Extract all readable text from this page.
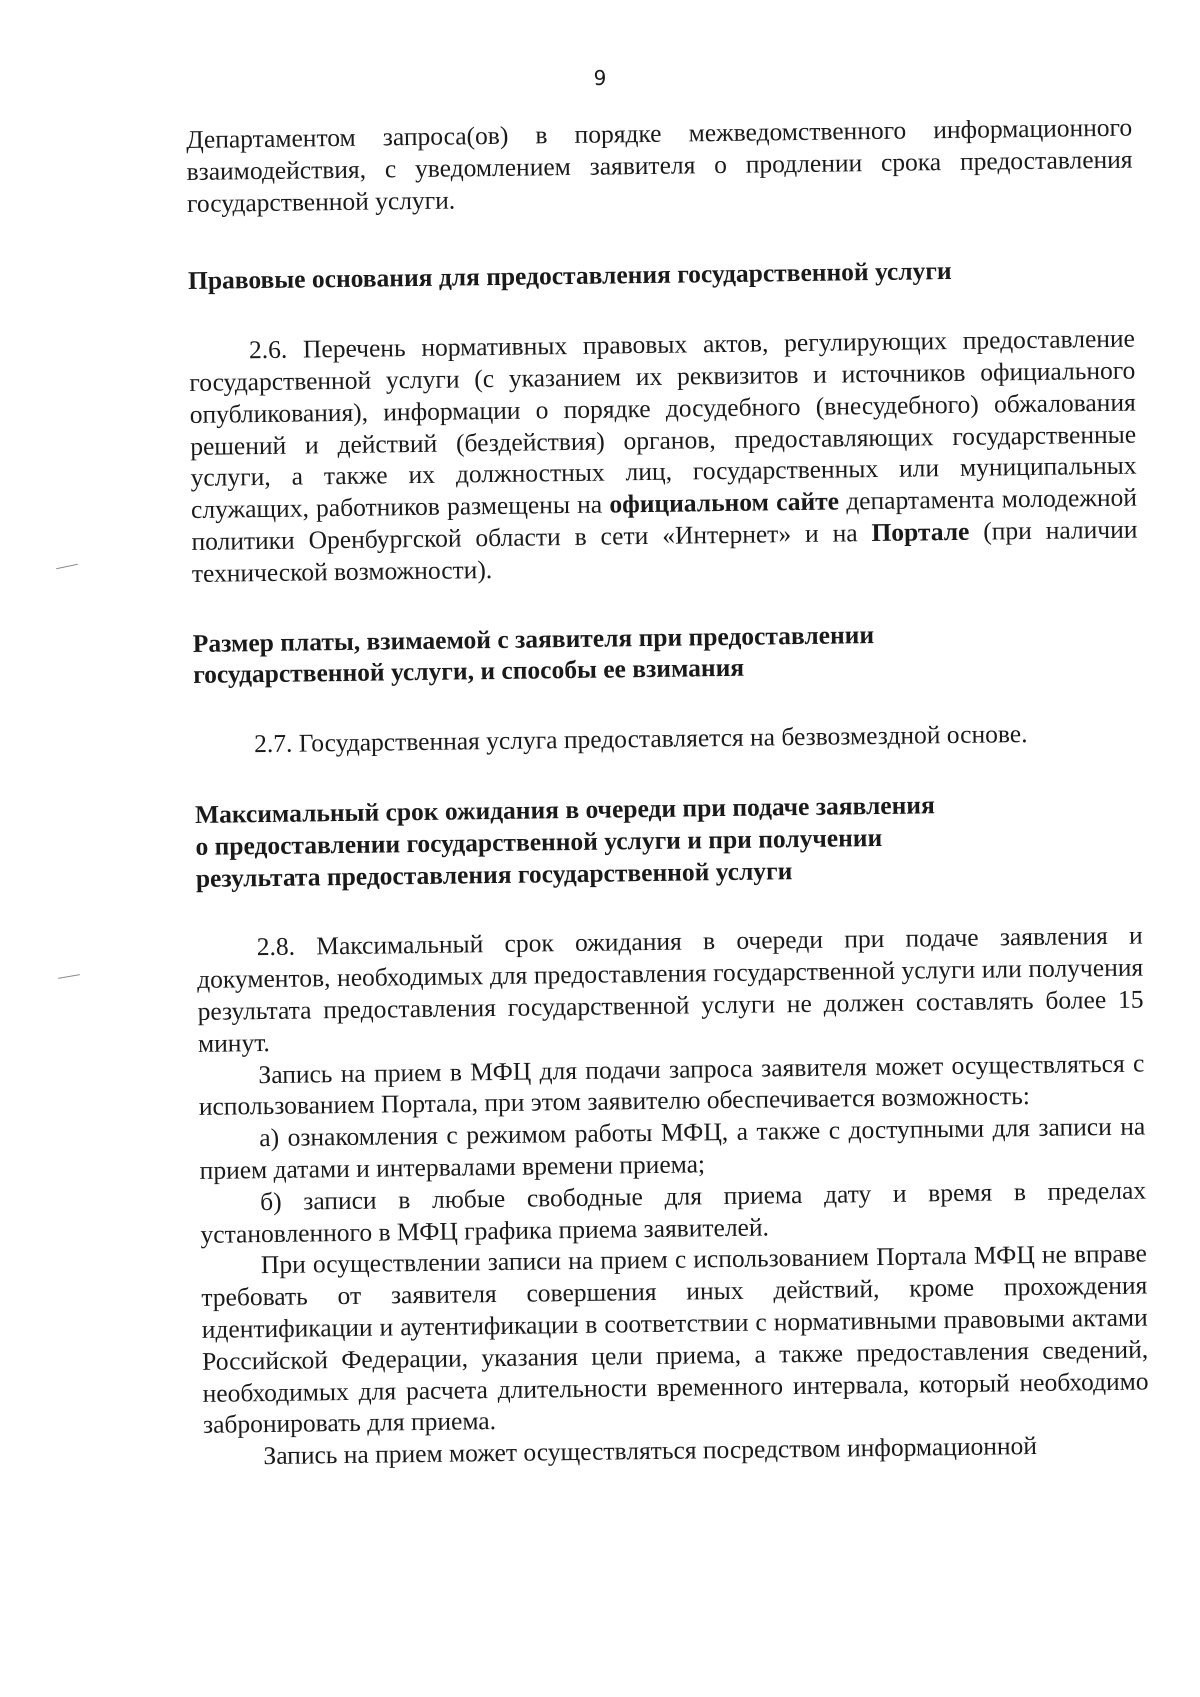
9

Департаментом запроса(ов) в порядке межведомственного информационного взаимодействия, с уведомлением заявителя о продлении срока предоставления государственной услуги.

Правовые основания для предоставления государственной услуги

2.6. Перечень нормативных правовых актов, регулирующих предоставление государственной услуги (с указанием их реквизитов и источников официального опубликования), информации о порядке досудебного (внесудебного) обжалования решений и действий (бездействия) органов, предоставляющих государственные услуги, а также их должностных лиц, государственных или муниципальных служащих, работников размещены на официальном сайте департамента молодежной политики Оренбургской области в сети «Интернет» и на Портале (при наличии технической возможности).

Размер платы, взимаемой с заявителя при предоставлении
государственной услуги, и способы ее взимания

2.7. Государственная услуга предоставляется на безвозмездной основе.

Максимальный срок ожидания в очереди при подаче заявления
о предоставлении государственной услуги и при получении
результата предоставления государственной услуги

2.8. Максимальный срок ожидания в очереди при подаче заявления и документов, необходимых для предоставления государственной услуги или получения результата предоставления государственной услуги не должен составлять более 15 минут.

Запись на прием в МФЦ для подачи запроса заявителя может осуществляться с использованием Портала, при этом заявителю обеспечивается возможность:

а) ознакомления с режимом работы МФЦ, а также с доступными для записи на прием датами и интервалами времени приема;

б) записи в любые свободные для приема дату и время в пределах установленного в МФЦ графика приема заявителей.

При осуществлении записи на прием с использованием Портала МФЦ не вправе требовать от заявителя совершения иных действий, кроме прохождения идентификации и аутентификации в соответствии с нормативными правовыми актами Российской Федерации, указания цели приема, а также предоставления сведений, необходимых для расчета длительности временного интервала, который необходимо забронировать для приема.

Запись на прием может осуществляться посредством информационной
